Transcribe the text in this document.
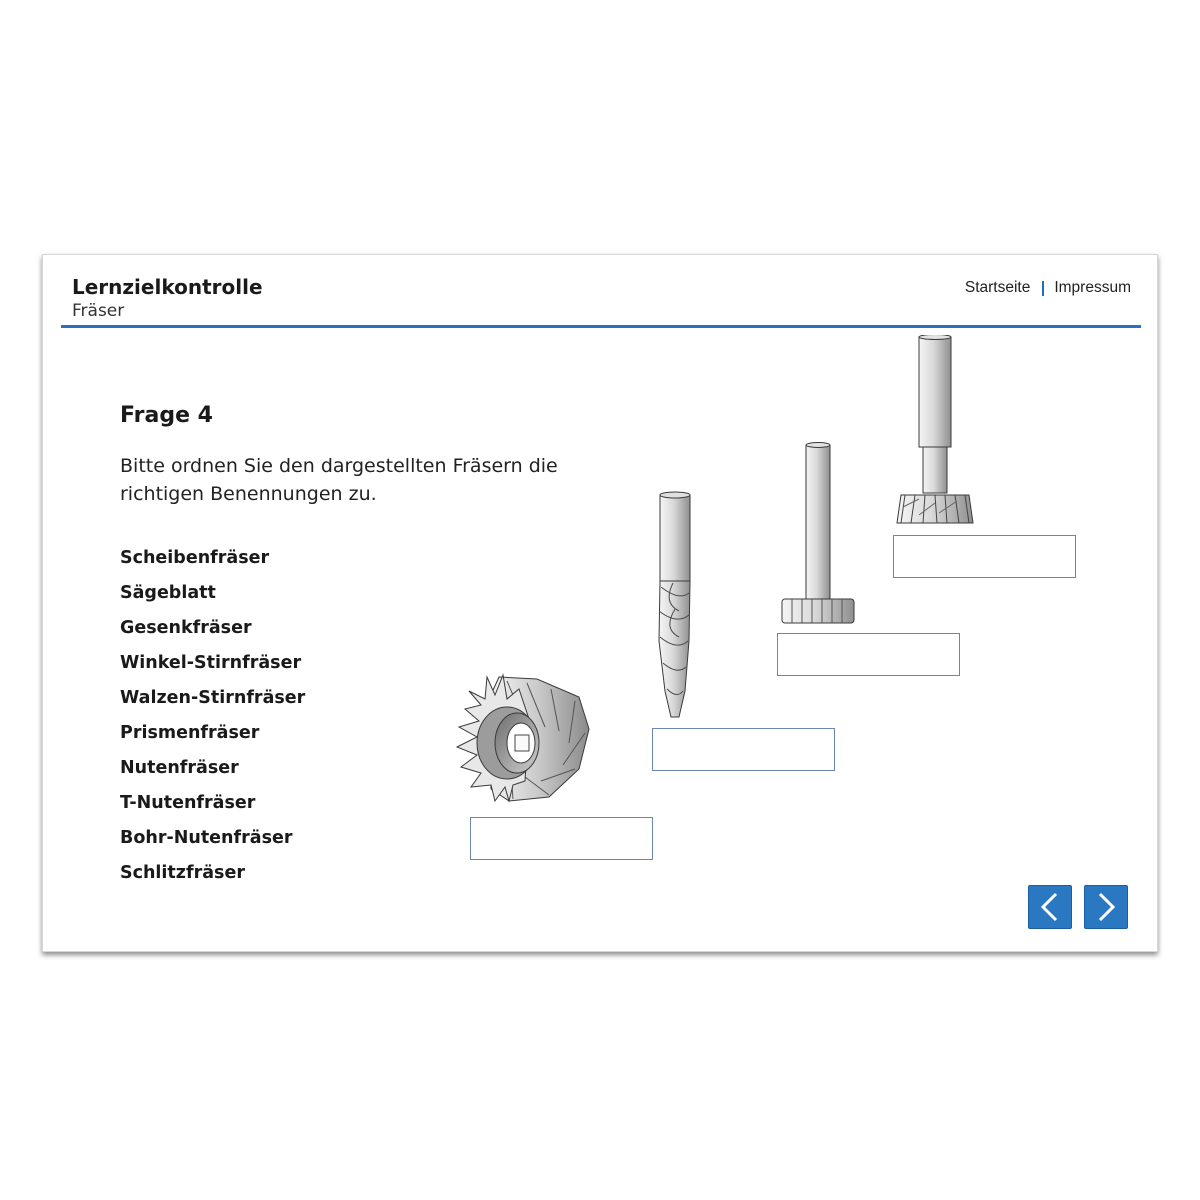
Lernzielkontrolle
Fräser
Startseite Impressum
Frage 4
Bitte ordnen Sie den dargestellten Fräsern die richtigen Benennungen zu.
Scheibenfräser
Sägeblatt
Gesenkfräser
Winkel-Stirnfräser
Walzen-Stirnfräser
Prismenfräser
Nutenfräser
T-Nutenfräser
Bohr-Nutenfräser
Schlitzfräser
